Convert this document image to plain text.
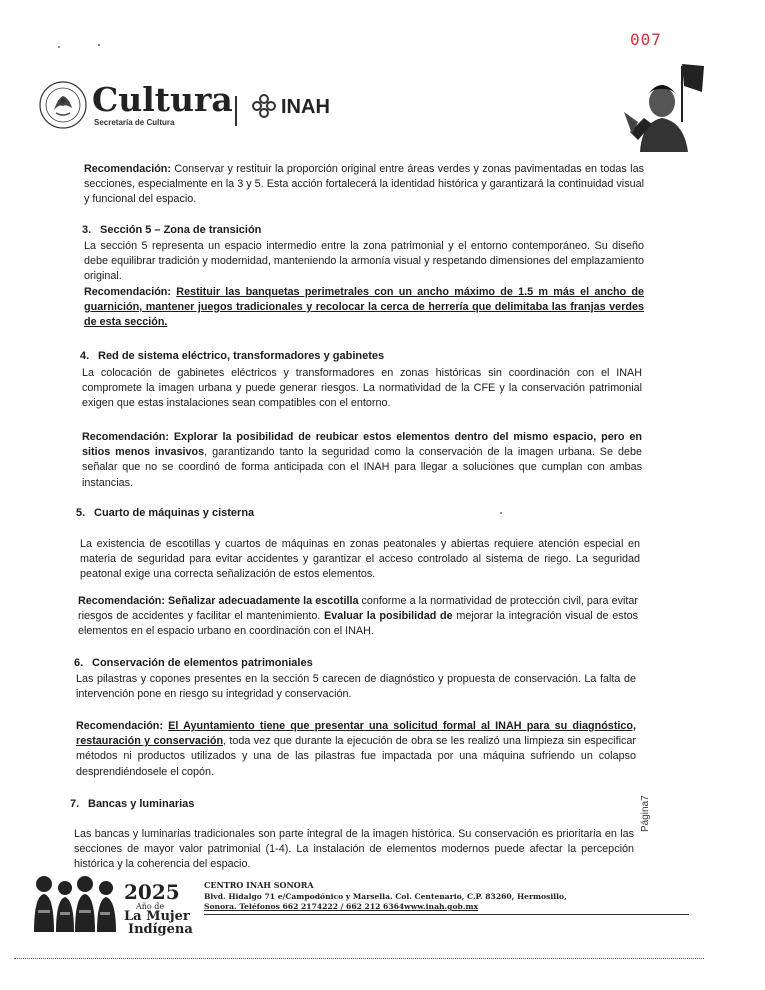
007
Cultura
Secretaría de Cultura
INAH

Recomendación: Conservar y restituir la proporción original entre áreas verdes y zonas pavimentadas en todas las secciones, especialmente en la 3 y 5. Esta acción fortalecerá la identidad histórica y garantizará la continuidad visual y funcional del espacio.

3. Sección 5 – Zona de transición

La sección 5 representa un espacio intermedio entre la zona patrimonial y el entorno contemporáneo. Su diseño debe equilibrar tradición y modernidad, manteniendo la armonía visual y respetando dimensiones del emplazamiento original.

Recomendación: Restituir las banquetas perimetrales con un ancho máximo de 1.5 m más el ancho de guarnición, mantener juegos tradicionales y recolocar la cerca de herrería que delimitaba las franjas verdes de esta sección.

4. Red de sistema eléctrico, transformadores y gabinetes

La colocación de gabinetes eléctricos y transformadores en zonas históricas sin coordinación con el INAH compromete la imagen urbana y puede generar riesgos. La normatividad de la CFE y la conservación patrimonial exigen que estas instalaciones sean compatibles con el entorno.

Recomendación: Explorar la posibilidad de reubicar estos elementos dentro del mismo espacio, pero en sitios menos invasivos, garantizando tanto la seguridad como la conservación de la imagen urbana. Se debe señalar que no se coordinó de forma anticipada con el INAH para llegar a soluciones que cumplan con ambas instancias.

5. Cuarto de máquinas y cisterna

La existencia de escotillas y cuartos de máquinas en zonas peatonales y abiertas requiere atención especial en materia de seguridad para evitar accidentes y garantizar el acceso controlado al sistema de riego. La seguridad peatonal exige una correcta señalización de estos elementos.

Recomendación: Señalizar adecuadamente la escotilla conforme a la normatividad de protección civil, para evitar riesgos de accidentes y facilitar el mantenimiento. Evaluar la posibilidad de mejorar la integración visual de estos elementos en el espacio urbano en coordinación con el INAH.

6. Conservación de elementos patrimoniales

Las pilastras y copones presentes en la sección 5 carecen de diagnóstico y propuesta de conservación. La falta de intervención pone en riesgo su integridad y conservación.

Recomendación: El Ayuntamiento tiene que presentar una solicitud formal al INAH para su diagnóstico, restauración y conservación, toda vez que durante la ejecución de obra se les realizó una limpieza sin especificar métodos ni productos utilizados y una de las pilastras fue impactada por una máquina sufriendo un colapso desprendiéndosele el copón.

7. Bancas y luminarias

Las bancas y luminarias tradicionales son parte integral de la imagen histórica. Su conservación es prioritaria en las secciones de mayor valor patrimonial (1-4). La instalación de elementos modernos puede afectar la percepción histórica y la coherencia del espacio.

2025
Año de
La Mujer
Indígena
CENTRO INAH SONORA
Blvd. Hidalgo 71 e/Campodónico y Marsella. Col. Centenario, C.P. 83260, Hermosillo,
Sonora. Teléfonos 662 2174222 / 662 212 6364www.inah.gob.mx
Página7
